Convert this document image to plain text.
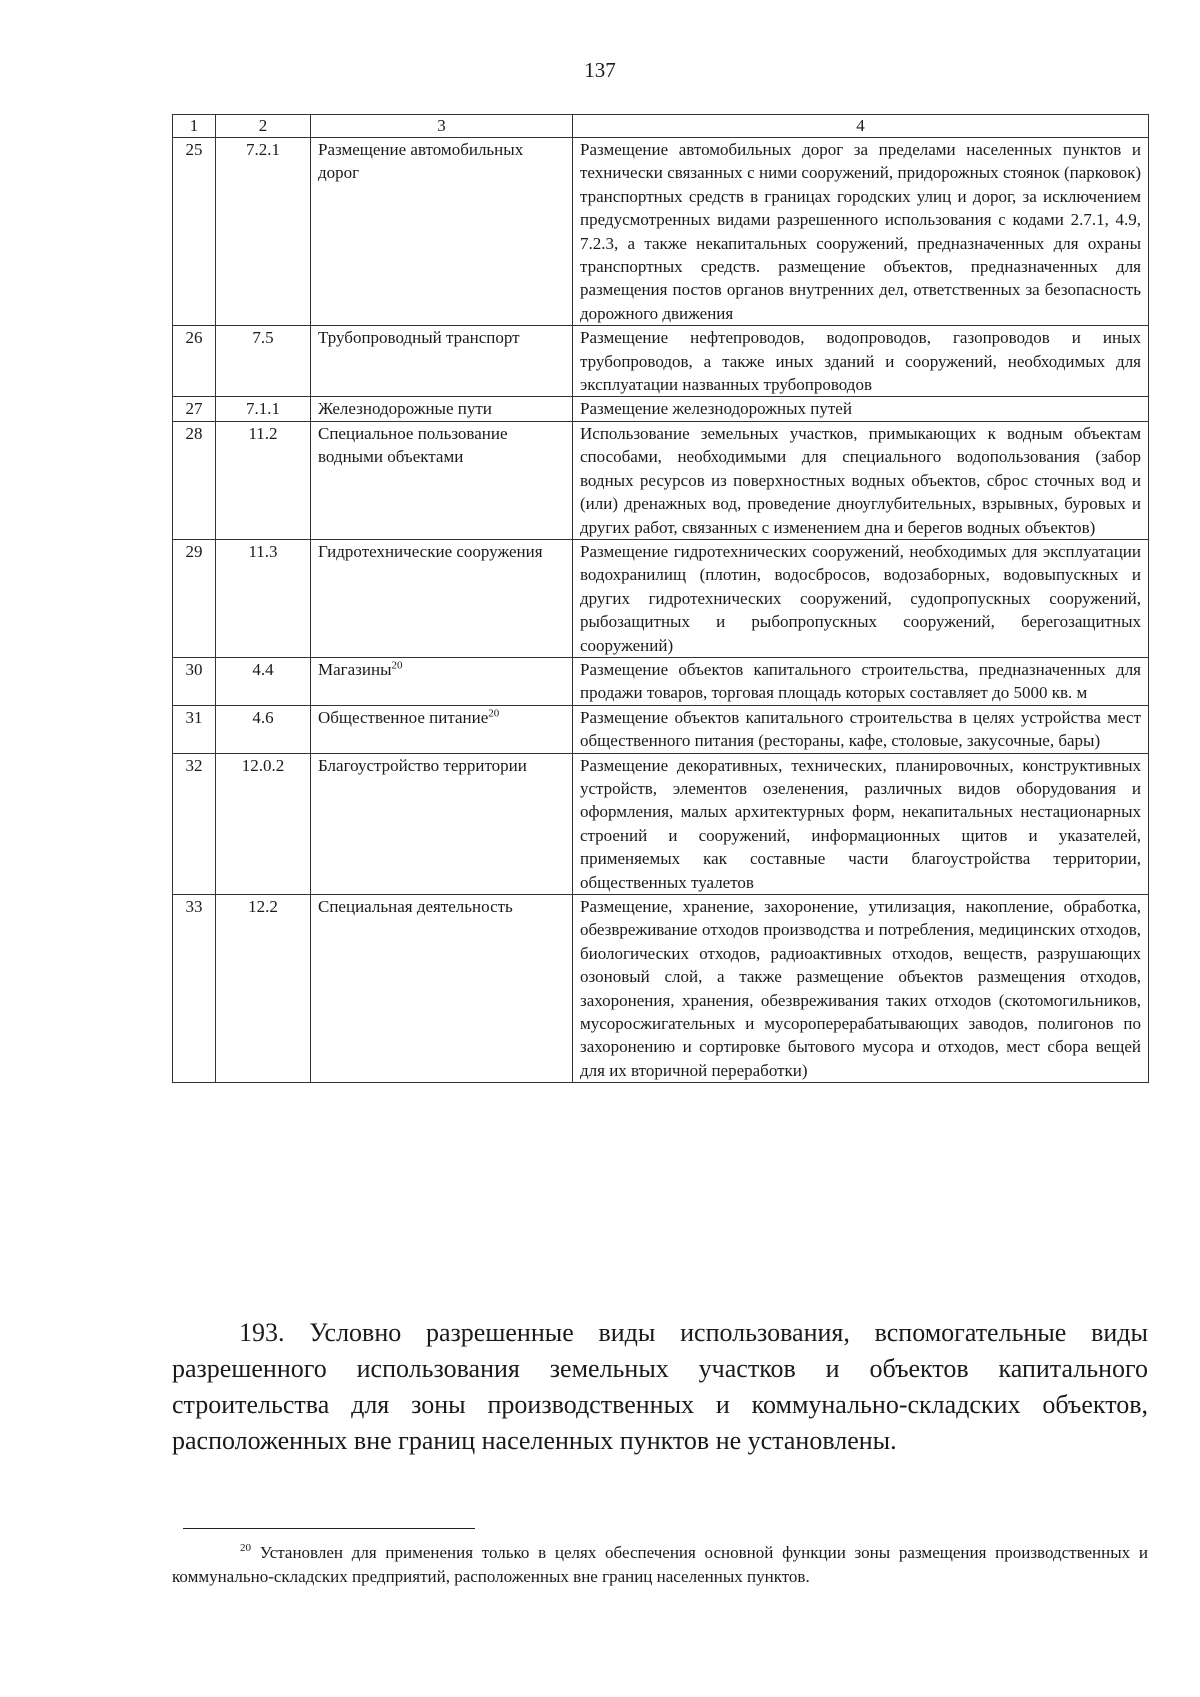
137
1	2	3	4
25	7.2.1	Размещение автомобильных дорог	Размещение автомобильных дорог за пределами населенных пунктов и технически связанных с ними сооружений, придорожных стоянок (парковок) транспортных средств в границах городских улиц и дорог, за исключением предусмотренных видами разрешенного использования с кодами 2.7.1, 4.9, 7.2.3, а также некапитальных сооружений, предназначенных для охраны транспортных средств. размещение объектов, предназначенных для размещения постов органов внутренних дел, ответственных за безопасность дорожного движения
26	7.5	Трубопроводный транспорт	Размещение нефтепроводов, водопроводов, газопроводов и иных трубопроводов, а также иных зданий и сооружений, необходимых для эксплуатации названных трубопроводов
27	7.1.1	Железнодорожные пути	Размещение железнодорожных путей
28	11.2	Специальное пользование водными объектами	Использование земельных участков, примыкающих к водным объектам способами, необходимыми для специального водопользования (забор водных ресурсов из поверхностных водных объектов, сброс сточных вод и (или) дренажных вод, проведение дноуглубительных, взрывных, буровых и других работ, связанных с изменением дна и берегов водных объектов)
29	11.3	Гидротехнические сооружения	Размещение гидротехнических сооружений, необходимых для эксплуатации водохранилищ (плотин, водосбросов, водозаборных, водовыпускных и других гидротехнических сооружений, судопропускных сооружений, рыбозащитных и рыбопропускных сооружений, берегозащитных сооружений)
30	4.4	Магазины$^{20}$	Размещение объектов капитального строительства, предназначенных для продажи товаров, торговая площадь которых составляет до 5000 кв. м
31	4.6	Общественное питание$^{20}$	Размещение объектов капитального строительства в целях устройства мест общественного питания (рестораны, кафе, столовые, закусочные, бары)
32	12.0.2	Благоустройство территории	Размещение декоративных, технических, планировочных, конструктивных устройств, элементов озеленения, различных видов оборудования и оформления, малых архитектурных форм, некапитальных нестационарных строений и сооружений, информационных щитов и указателей, применяемых как составные части благоустройства территории, общественных туалетов
33	12.2	Специальная деятельность	Размещение, хранение, захоронение, утилизация, накопление, обработка, обезвреживание отходов производства и потребления, медицинских отходов, биологических отходов, радиоактивных отходов, веществ, разрушающих озоновый слой, а также размещение объектов размещения отходов, захоронения, хранения, обезвреживания таких отходов (скотомогильников, мусоросжигательных и мусороперерабатывающих заводов, полигонов по захоронению и сортировке бытового мусора и отходов, мест сбора вещей для их вторичной переработки)

193. Условно разрешенные виды использования, вспомогательные виды разрешенного использования земельных участков и объектов капитального строительства для зоны производственных и коммунально-складских объектов, расположенных вне границ населенных пунктов не установлены.

$^{20}$ Установлен для применения только в целях обеспечения основной функции зоны размещения производственных и коммунально-складских предприятий, расположенных вне границ населенных пунктов.
